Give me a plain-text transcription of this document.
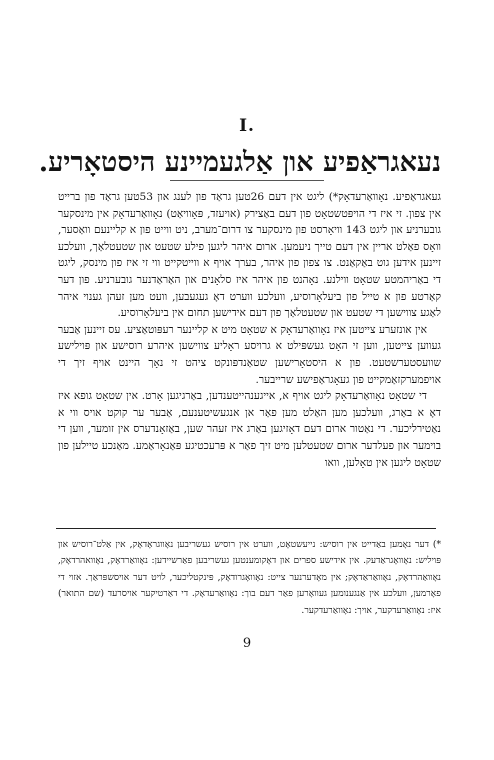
I.
נעאגראַפיע און אַלגעמיינע היסטאָריע.

געאגראַפיע. נאָוואַרעדאָק*) ליגט אין דעם 26טען גראַד פון לענג און 53טען גראַד פון ברייט אין צפון. זי איז די הויפּטשטאָט פון דעם באַצירק (אויעזד, פּאָוויאַט) נאָוואַרעדאָק אין מינסקער גובערניע און ליגט 143 וויאָרסט פון מינסקער צו דרום־מערב, ניט ווייט פון א קליינעם וואַסער, וואָס פאַלט אריין אין דעם טייך ניעמען. ארום איהר ליגען פילע שטעט און שטעטלאַך, וועלכע זיינען אידען גוט באַקאַנט. צו צפון פון איהר, בערך אויף א ווייטקייט ווי זי איז פון מינסק, ליגט די באַריהמטע שטאָט ווילנע. נאָהנט פון איהר איז סלאָנים און האַראַדנער גובערניע. פון דער קאַרטע פון א טייל פון ביעלאָרוסיע, וועלכע ווערט דאָ געגעבען, וועט מען זעהן גענוי איהר לאַגע צווישען די שטעט און שטעטלאַך פון דעם אידישען תחום אין ביעלאָרוסיע.

אין אונזערע צייטען איז נאָוואַרעדאָק א שטאָט מיט א קליינער רעפּוטאַציע. עס זיינען אַבער געווען צייטען, ווען זי האָט געשפּילט א גרויסע ראָליע צווישען איהרע רוסישע און פּוילישע שוועסטערשטעט. פון א היסטאָרישען שטאַנדפּונקט ציהט זי נאָך היינט אויף זיך די אויפמערקזאַמקייט פון געאָגראַפישע שרייבער.

די שטאָט נאָוואַרעדאָק ליגט אויף א, אייגענהייטענדען, באַרגיגען אָרט. אין שטאָט גופא איז דאָ א באַרג, וועלכען מען האַלט מען פאַר אן אנגעשיטענעם, אַבער ער קוקט אויס ווי א נאַטירליכער. די נאַטור ארום דעם דאָזיגען באַרג איז זעהר שען, באַזאָנדערס אין זומער, ווען די בוימער און פעלדער ארום שטעטלען מיט זיך פאַר א פּרעכטיגע פּאַנאָראַמע. מאַנכע טיילען פון שטאָט ליגען אין טאָלען, וואו

*) דער נאָמען באַדייט אין רוסיש: נייעשטאָט, ווערט אין רוסיש געשריבען נאָווגראָדאָק, אין אַלט־רוסיש און פּויליש: נאָוואָגראַדעק. אין אידישע ספרים און דאָקומענטען געשריבען פאַרשיידען: נאָוואַרדאָק, נאָוואהרדאָק, נאָוואַהרדאָק, נאָוואַראַדאָק; אין מאָדערנער צייט: נאָוואָגרודאָק, פּינקטליכער, לויט דער אויסשפּראַך. אזוי די פאָרמען, וועלכע אין אַנגענומען געוואָרען פאַר דעם בוך: נאָוואַרעדאָק. די דאַרטיקער אויסרעד (שם התואר) איז: נאָוואַרעדקער, אויך: נאָוואַרעדקער.
9
